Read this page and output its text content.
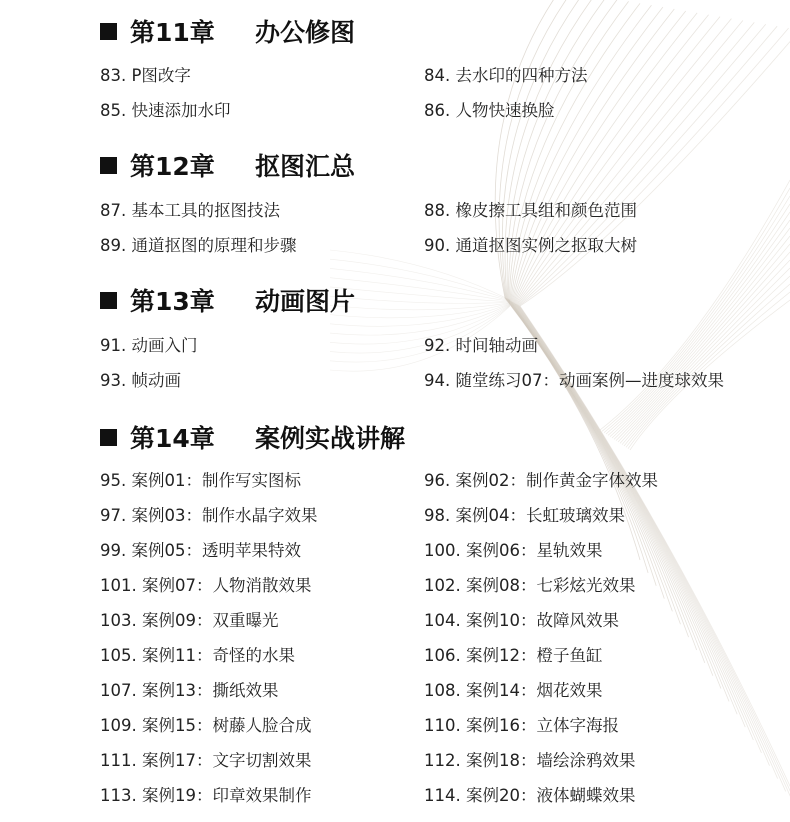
第11章	办公修图
83. P图改字	84. 去水印的四种方法
85. 快速添加水印	86. 人物快速换脸
第12章	抠图汇总
87. 基本工具的抠图技法	88. 橡皮擦工具组和颜色范围
89. 通道抠图的原理和步骤	90. 通道抠图实例之抠取大树
第13章	动画图片
91. 动画入门	92. 时间轴动画
93. 帧动画	94. 随堂练习07：动画案例—进度球效果
第14章	案例实战讲解
95. 案例01：制作写实图标	96. 案例02：制作黄金字体效果
97. 案例03：制作水晶字效果	98. 案例04：长虹玻璃效果
99. 案例05：透明苹果特效	100. 案例06：星轨效果
101. 案例07：人物消散效果	102. 案例08：七彩炫光效果
103. 案例09：双重曝光	104. 案例10：故障风效果
105. 案例11：奇怪的水果	106. 案例12：橙子鱼缸
107. 案例13：撕纸效果	108. 案例14：烟花效果
109. 案例15：树藤人脸合成	110. 案例16：立体字海报
111. 案例17：文字切割效果	112. 案例18：墙绘涂鸦效果
113. 案例19：印章效果制作	114. 案例20：液体蝴蝶效果
